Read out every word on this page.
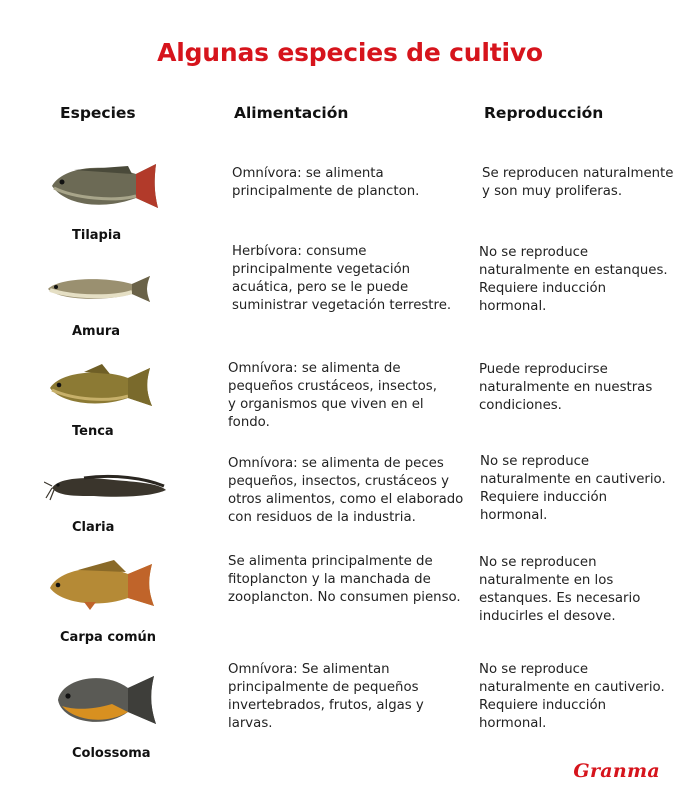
Algunas especies de cultivo
Especies	Alimentación	Reproducción
Tilapia
Omnívora: se alimenta
principalmente de plancton.
Se reproducen naturalmente
y son muy proliferas.
Amura
Herbívora: consume
principalmente vegetación
acuática, pero se le puede
suministrar vegetación terrestre.
No se reproduce
naturalmente en estanques.
Requiere inducción
hormonal.
Tenca
Omnívora: se alimenta de
pequeños crustáceos, insectos,
y organismos que viven en el
fondo.
Puede reproducirse
naturalmente en nuestras
condiciones.
Claria
Omnívora: se alimenta de peces
pequeños, insectos, crustáceos y
otros alimentos, como el elaborado
con residuos de la industria.
No se reproduce
naturalmente en cautiverio.
Requiere inducción
hormonal.
Carpa común
Se alimenta principalmente de
fitoplancton y la manchada de
zooplancton. No consumen pienso.
No se reproducen
naturalmente en los
estanques. Es necesario
inducirles el desove.
Colossoma
Omnívora: Se alimentan
principalmente de pequeños
invertebrados, frutos, algas y
larvas.
No se reproduce
naturalmente en cautiverio.
Requiere inducción
hormonal.
Granma
